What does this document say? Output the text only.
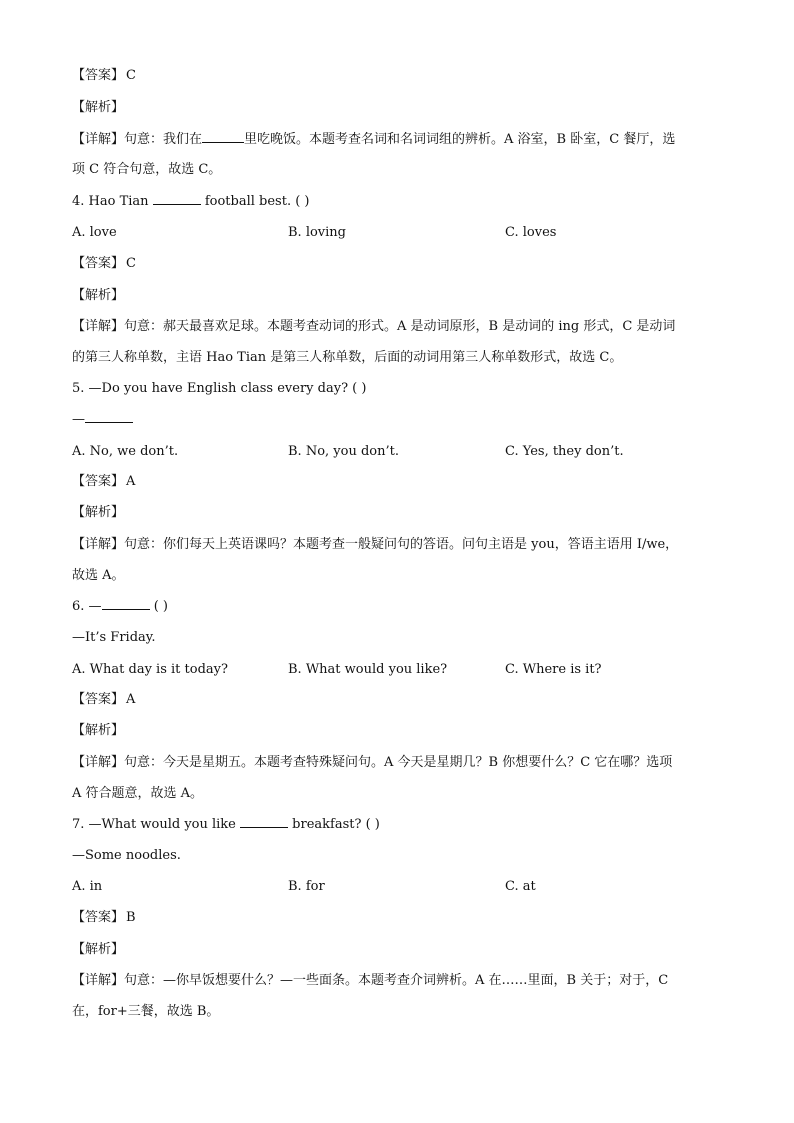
【答案】 C
【解析】
【详解】句意：我们在	里吃晚饭。本题考查名词和名词词组的辨析。A 浴室，B 卧室，C 餐厅，选
项 C 符合句意，故选 C。
4. Hao Tian	football best. ( )
A. love	B. loving	C. loves
【答案】 C
【解析】
【详解】句意：郝天最喜欢足球。本题考查动词的形式。A 是动词原形，B 是动词的 ing 形式，C 是动词
的第三人称单数，主语 Hao Tian 是第三人称单数，后面的动词用第三人称单数形式，故选 C。
5. —Do you have English class every day? ( )
—
A. No, we don’t.	B. No, you don’t.	C. Yes, they don’t.
【答案】 A
【解析】
【详解】句意：你们每天上英语课吗？本题考查一般疑问句的答语。问句主语是 you，答语主语用 I/we，
故选 A。
6. —	( )
—It’s Friday.
A. What day is it today?	B. What would you like?	C. Where is it?
【答案】 A
【解析】
【详解】句意：今天是星期五。本题考查特殊疑问句。A 今天是星期几？B 你想要什么？C 它在哪？选项
A 符合题意，故选 A。
7. —What would you like	breakfast? ( )
—Some noodles.
A. in	B. for	C. at
【答案】 B
【解析】
【详解】句意：—你早饭想要什么？—一些面条。本题考查介词辨析。A 在……里面，B 关于；对于，C
在，for+三餐，故选 B。
